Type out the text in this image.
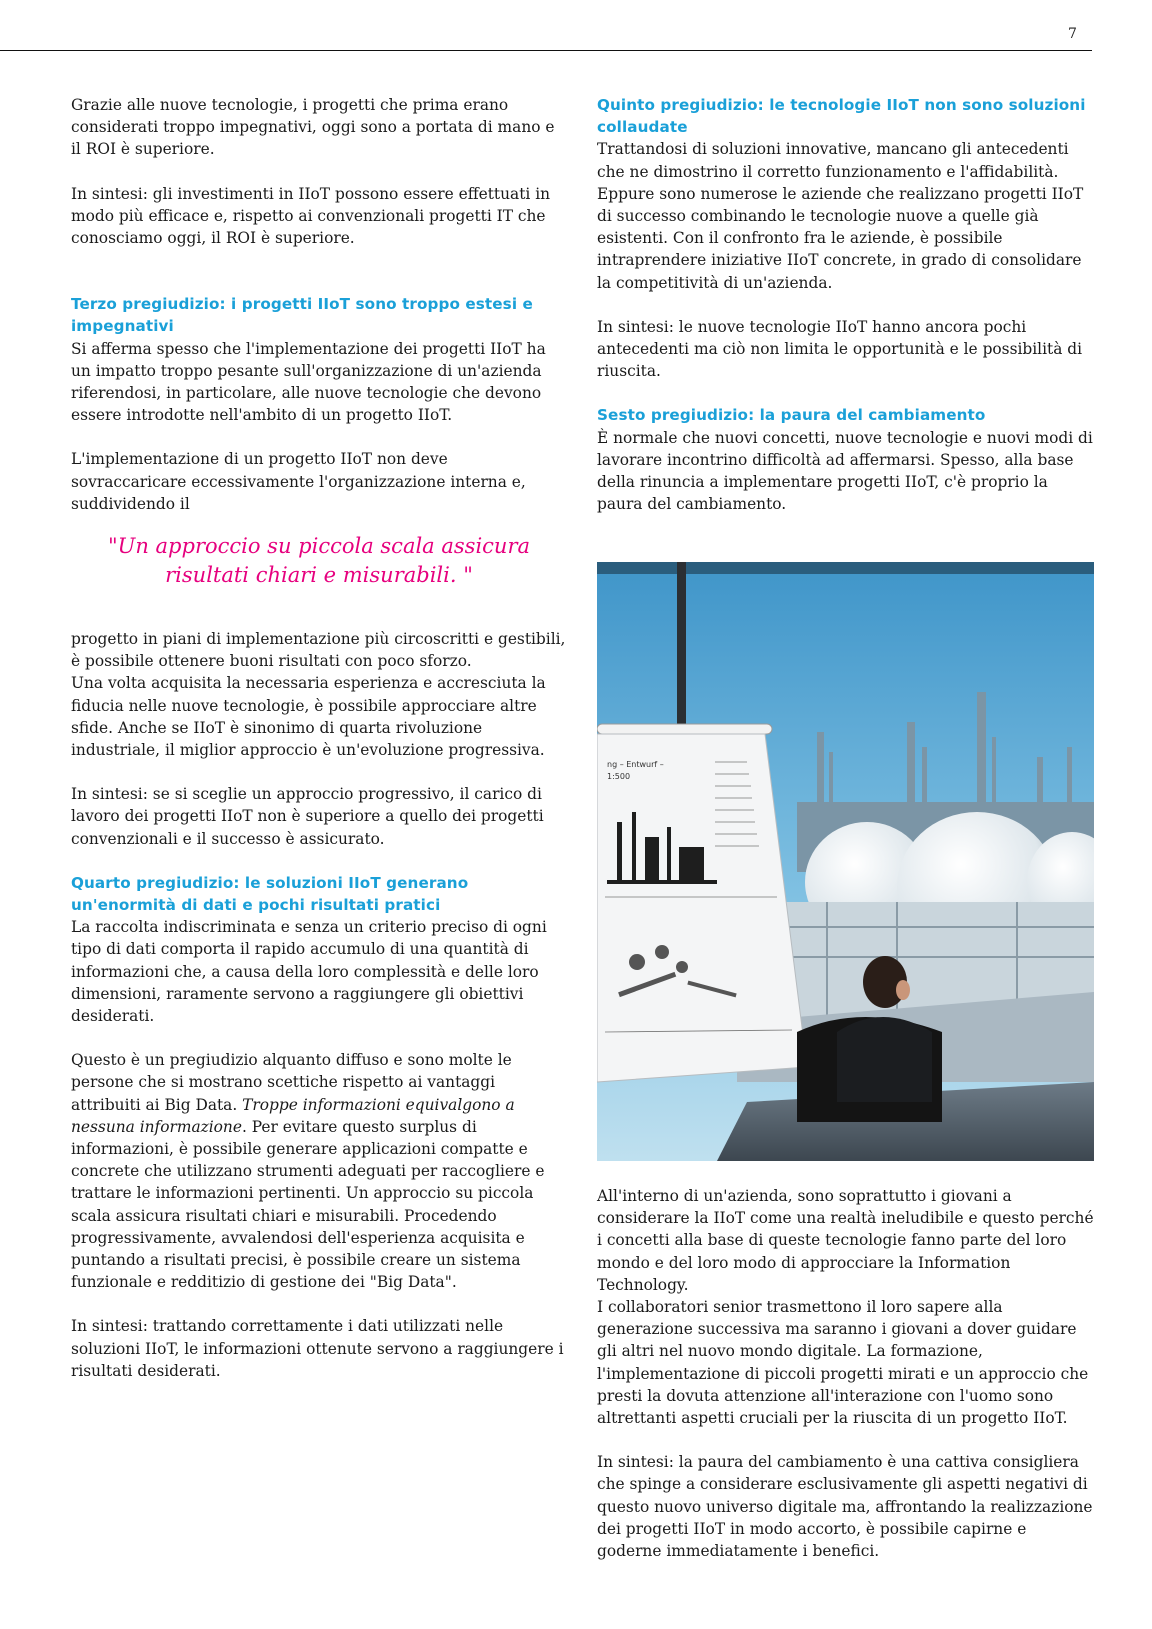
7

Grazie alle nuove tecnologie, i progetti che prima erano considerati troppo impegnativi, oggi sono a portata di mano e il ROI è superiore.

In sintesi: gli investimenti in IIoT possono essere effettuati in modo più efficace e, rispetto ai convenzionali progetti IT che conosciamo oggi, il ROI è superiore.

Terzo pregiudizio: i progetti IIoT sono troppo estesi e impegnativi

Si afferma spesso che l'implementazione dei progetti IIoT ha un impatto troppo pesante sull'organizzazione di un'azienda riferendosi, in particolare, alle nuove tecnologie che devono essere introdotte nell'ambito di un progetto IIoT.

L'implementazione di un progetto IIoT non deve sovraccaricare eccessivamente l'organizzazione interna e, suddividendo il

"Un approccio su piccola scala assicura
risultati chiari e misurabili. "

progetto in piani di implementazione più circoscritti e gestibili, è possibile ottenere buoni risultati con poco sforzo.

Una volta acquisita la necessaria esperienza e accresciuta la fiducia nelle nuove tecnologie, è possibile approcciare altre sfide. Anche se IIoT è sinonimo di quarta rivoluzione industriale, il miglior approccio è un'evoluzione progressiva.

In sintesi: se si sceglie un approccio progressivo, il carico di lavoro dei progetti IIoT non è superiore a quello dei progetti convenzionali e il successo è assicurato.

Quarto pregiudizio: le soluzioni IIoT generano un'enormità di dati e pochi risultati pratici

La raccolta indiscriminata e senza un criterio preciso di ogni tipo di dati comporta il rapido accumulo di una quantità di informazioni che, a causa della loro complessità e delle loro dimensioni, raramente servono a raggiungere gli obiettivi desiderati.

Questo è un pregiudizio alquanto diffuso e sono molte le persone che si mostrano scettiche rispetto ai vantaggi attribuiti ai Big Data. Troppe informazioni equivalgono a nessuna informazione. Per evitare questo surplus di informazioni, è possibile generare applicazioni compatte e concrete che utilizzano strumenti adeguati per raccogliere e trattare le informazioni pertinenti. Un approccio su piccola scala assicura risultati chiari e misurabili. Procedendo progressivamente, avvalendosi dell'esperienza acquisita e puntando a risultati precisi, è possibile creare un sistema funzionale e redditizio di gestione dei "Big Data".

In sintesi: trattando correttamente i dati utilizzati nelle soluzioni IIoT, le informazioni ottenute servono a raggiungere i risultati desiderati.

Quinto pregiudizio: le tecnologie IIoT non sono soluzioni collaudate

Trattandosi di soluzioni innovative, mancano gli antecedenti che ne dimostrino il corretto funzionamento e l'affidabilità. Eppure sono numerose le aziende che realizzano progetti IIoT di successo combinando le tecnologie nuove a quelle già esistenti. Con il confronto fra le aziende, è possibile intraprendere iniziative IIoT concrete, in grado di consolidare la competitività di un'azienda.

In sintesi: le nuove tecnologie IIoT hanno ancora pochi antecedenti ma ciò non limita le opportunità e le possibilità di riuscita.

Sesto pregiudizio: la paura del cambiamento

È normale che nuovi concetti, nuove tecnologie e nuovi modi di lavorare incontrino difficoltà ad affermarsi. Spesso, alla base della rinuncia a implementare progetti IIoT, c'è proprio la paura del cambiamento.

ng – Entwurf –
1:500

All'interno di un'azienda, sono soprattutto i giovani a considerare la IIoT come una realtà ineludibile e questo perché i concetti alla base di queste tecnologie fanno parte del loro mondo e del loro modo di approcciare la Information Technology.

I collaboratori senior trasmettono il loro sapere alla generazione successiva ma saranno i giovani a dover guidare gli altri nel nuovo mondo digitale. La formazione, l'implementazione di piccoli progetti mirati e un approccio che presti la dovuta attenzione all'interazione con l'uomo sono altrettanti aspetti cruciali per la riuscita di un progetto IIoT.

In sintesi: la paura del cambiamento è una cattiva consigliera che spinge a considerare esclusivamente gli aspetti negativi di questo nuovo universo digitale ma, affrontando la realizzazione dei progetti IIoT in modo accorto, è possibile capirne e goderne immediatamente i benefici.
